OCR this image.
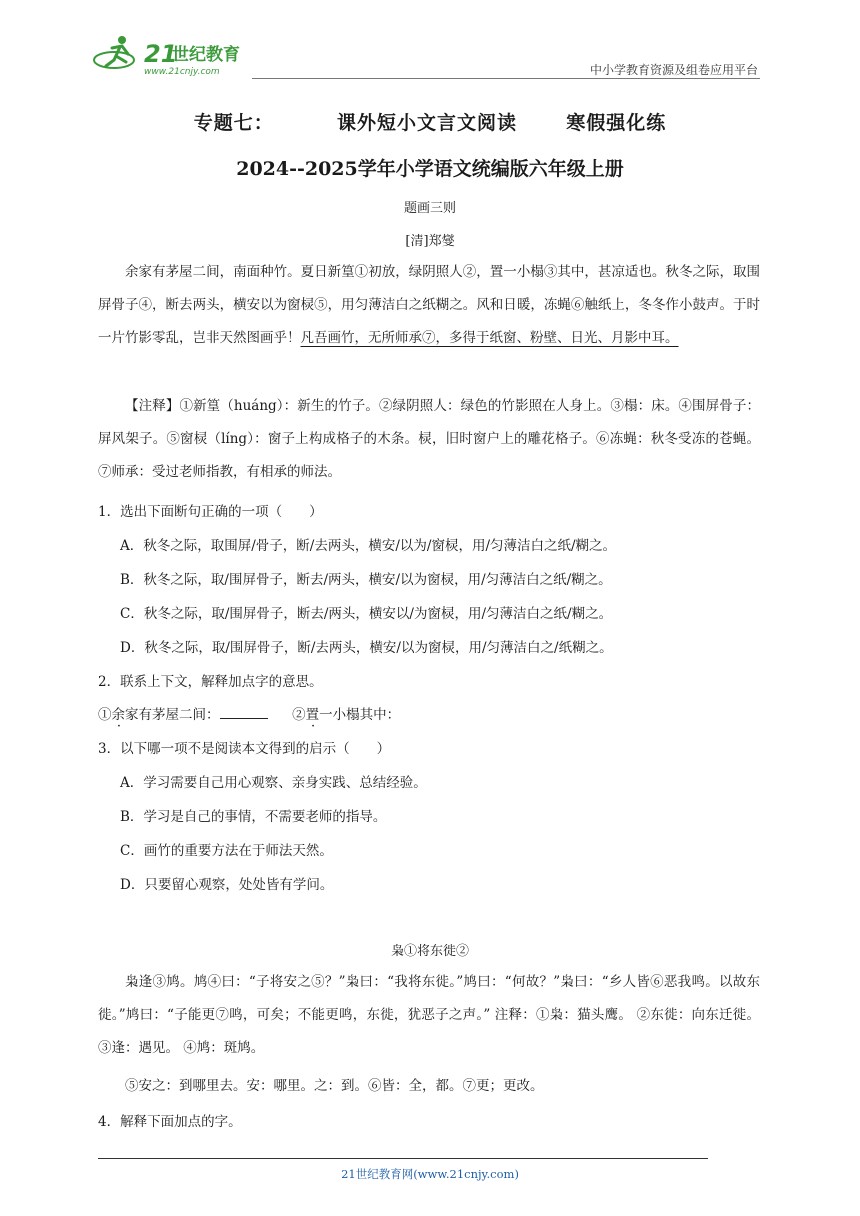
21
世纪教育
www.21cnjy.com	中小学教育资源及组卷应用平台
专题七：	课外短小文言文阅读	寒假强化练
2024--2025学年小学语文统编版六年级上册
题画三则
[清]郑燮
余家有茅屋二间，南面种竹。夏日新篁①初放，绿阴照人②，置一小榻③其中，甚凉适也。秋冬之际，取围屏骨子④，断去两头，横安以为窗棂⑤，用匀薄洁白之纸糊之。风和日暖，冻蝇⑥触纸上，冬冬作小鼓声。于时一片竹影零乱，岂非天然图画乎！凡吾画竹，无所师承⑦，多得于纸窗、粉壁、日光、月影中耳。
【注释】①新篁（huáng）：新生的竹子。②绿阴照人：绿色的竹影照在人身上。③榻：床。④围屏骨子：屏风架子。⑤窗棂（líng）：窗子上构成格子的木条。棂，旧时窗户上的雕花格子。⑥冻蝇：秋冬受冻的苍蝇。⑦师承：受过老师指教，有相承的师法。
1．选出下面断句正确的一项（　　）
A．秋冬之际，取围屏/骨子，断/去两头，横安/以为/窗棂，用/匀薄洁白之纸/糊之。
B．秋冬之际，取/围屏骨子，断去/两头，横安/以为窗棂，用/匀薄洁白之纸/糊之。
C．秋冬之际，取/围屏骨子，断去/两头，横安以/为窗棂，用/匀薄洁白之纸/糊之。
D．秋冬之际，取/围屏骨子，断/去两头，横安/以为窗棂，用/匀薄洁白之/纸糊之。
2．联系上下文，解释加点字的意思。
①余家有茅屋二间：	②置一小榻其中：
3．以下哪一项不是阅读本文得到的启示（　　）
A．学习需要自己用心观察、亲身实践、总结经验。
B．学习是自己的事情，不需要老师的指导。
C．画竹的重要方法在于师法天然。
D．只要留心观察，处处皆有学问。
枭①将东徙②
枭逢③鸠。鸠④曰：“子将安之⑤？”枭曰：“我将东徙。”鸠曰：“何故？”枭曰：“乡人皆⑥恶我鸣。以故东徙。”鸠曰：“子能更⑦鸣，可矣；不能更鸣，东徙，犹恶子之声。” 注释：①枭：猫头鹰。 ②东徙：向东迁徙。 ③逢：遇见。 ④鸠：斑鸠。
⑤安之：到哪里去。安：哪里。之：到。⑥皆：全，都。⑦更；更改。
4．解释下面加点的字。
21世纪教育网(www.21cnjy.com)
